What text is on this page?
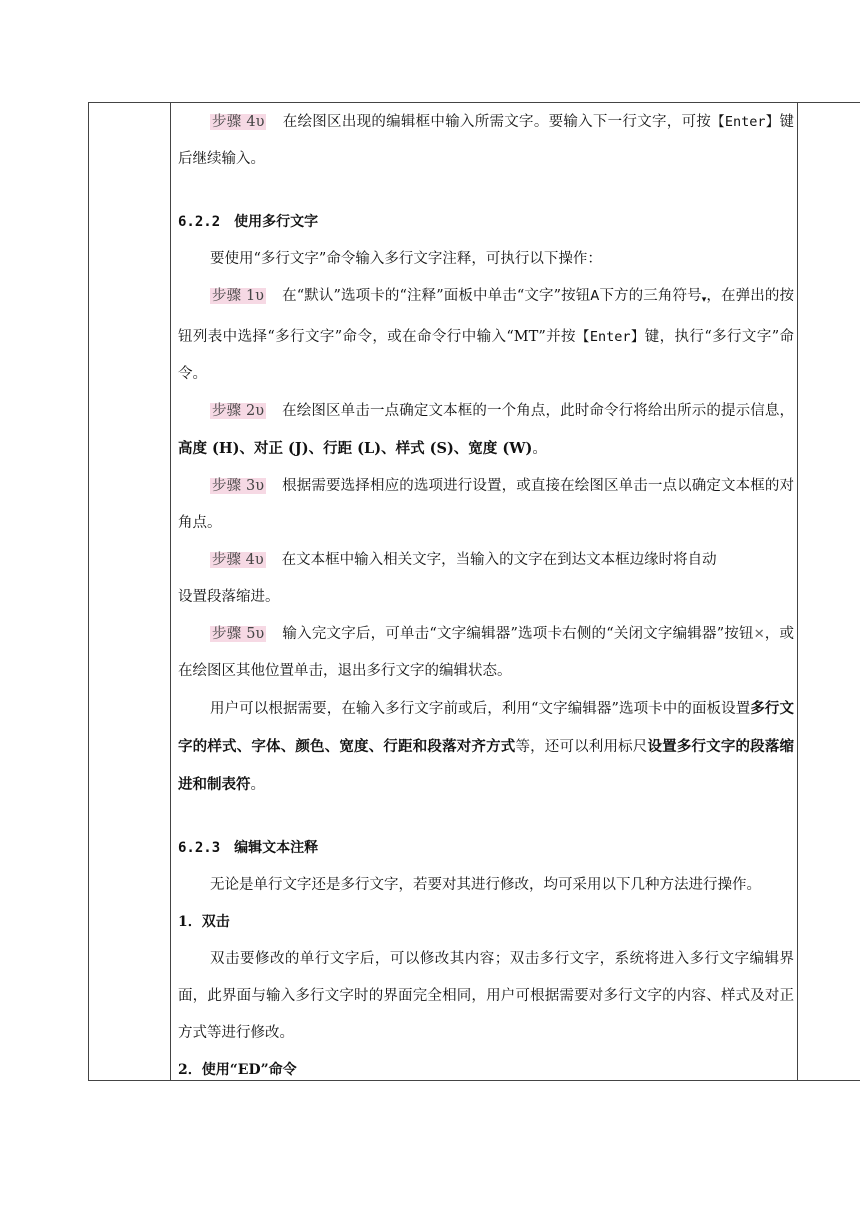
步骤 4υ 在绘图区出现的编辑框中输入所需文字。要输入下一行文字，可按【Enter】键后继续输入。

6.2.2 使用多行文字

要使用“多行文字”命令输入多行文字注释，可执行以下操作：

步骤 1υ 在“默认”选项卡的“注释”面板中单击“文字”按钮A下方的三角符号▾，在弹出的按钮列表中选择“多行文字”命令，或在命令行中输入“MT”并按【Enter】键，执行“多行文字”命令。

步骤 2υ 在绘图区单击一点确定文本框的一个角点，此时命令行将给出所示的提示信息，高度 (H)、对正 (J)、行距 (L)、样式 (S)、宽度 (W)。

步骤 3υ 根据需要选择相应的选项进行设置，或直接在绘图区单击一点以确定文本框的对角点。

步骤 4υ 在文本框中输入相关文字，当输入的文字在到达文本框边缘时将自动

设置段落缩进。

步骤 5υ 输入完文字后，可单击“文字编辑器”选项卡右侧的“关闭文字编辑器”按钮✕，或在绘图区其他位置单击，退出多行文字的编辑状态。

用户可以根据需要，在输入多行文字前或后，利用“文字编辑器”选项卡中的面板设置多行文字的样式、字体、颜色、宽度、行距和段落对齐方式等，还可以利用标尺设置多行文字的段落缩进和制表符。

6.2.3 编辑文本注释

无论是单行文字还是多行文字，若要对其进行修改，均可采用以下几种方法进行操作。

1．双击

双击要修改的单行文字后，可以修改其内容；双击多行文字，系统将进入多行文字编辑界面，此界面与输入多行文字时的界面完全相同，用户可根据需要对多行文字的内容、样式及对正方式等进行修改。

2．使用“ED”命令
